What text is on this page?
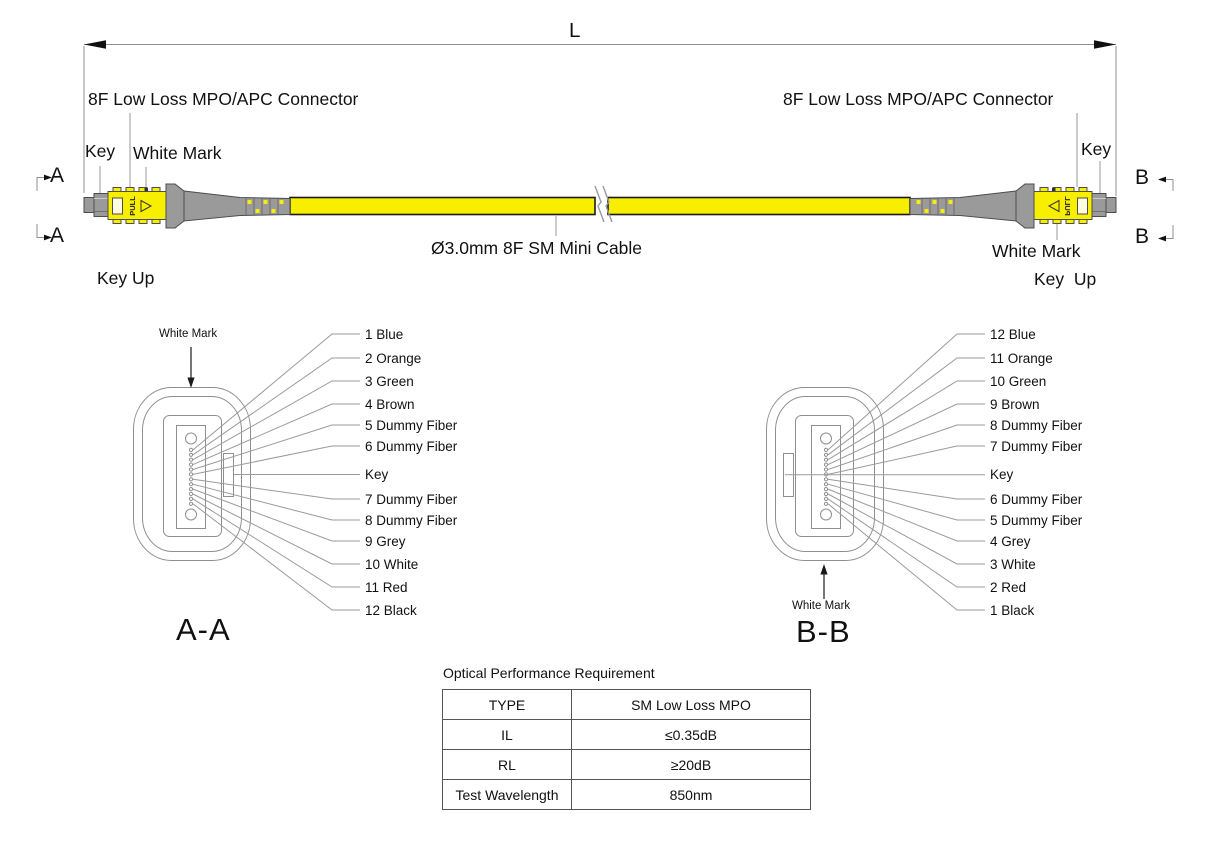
PULL
L
A
A
B
B
8F Low Loss MPO/APC Connector
Key White Mark
Key Up
8F Low Loss MPO/APC Connector
Key
White Mark
Key  Up
Ø3.0mm 8F SM Mini Cable
White Mark	1 Blue
2 Orange
3 Green
4 Brown
5 Dummy Fiber
6 Dummy Fiber
Key
7 Dummy Fiber
8 Dummy Fiber
9 Grey
10 White
11 Red
12 Black
A-A
White Mark
12 Blue
11 Orange
10 Green
9 Brown
8 Dummy Fiber
7 Dummy Fiber
Key
6 Dummy Fiber
5 Dummy Fiber
4 Grey
3 White
2 Red
1 Black
B-B
Optical Performance Requirement
TYPE	SM Low Loss MPO
IL	≤0.35dB
RL	≥20dB
Test Wavelength	850nm
